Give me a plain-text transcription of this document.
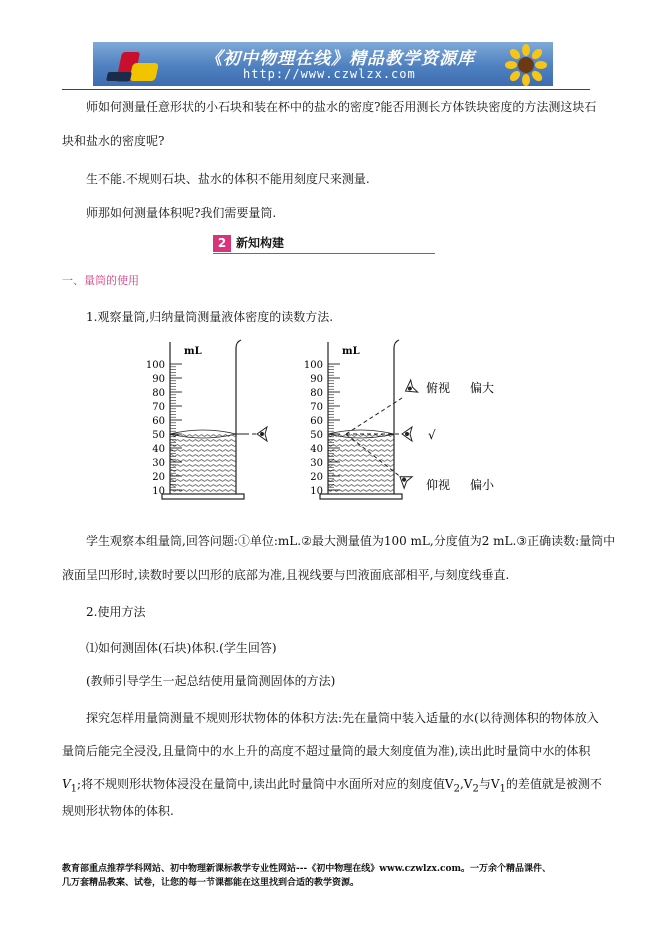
《初中物理在线》精品教学资源库
http://www.czwlzx.com
师如何测量任意形状的小石块和装在杯中的盐水的密度?能否用测长方体铁块密度的方法测这块石
块和盐水的密度呢?
生不能.不规则石块、盐水的体积不能用刻度尺来测量.
师那如何测量体积呢?我们需要量筒.
2 新知构建
一、量筒的使用
1.观察量筒,归纳量筒测量液体密度的读数方法.
mL
100
90
80
70
60
50
40
30
20
10
mL
100
90
80
70
60
50
40
30
20
10
俯视 偏大
√
仰视 偏小
学生观察本组量筒,回答问题:①单位:mL.②最大测量值为100 mL,分度值为2 mL.③正确读数:量筒中
液面呈凹形时,读数时要以凹形的底部为准,且视线要与凹液面底部相平,与刻度线垂直.
2.使用方法
⑴如何测固体(石块)体积.(学生回答)
(教师引导学生一起总结使用量筒测固体的方法)
探究怎样用量筒测量不规则形状物体的体积方法:先在量筒中装入适量的水(以待测体积的物体放入
量筒后能完全浸没,且量筒中的水上升的高度不超过量筒的最大刻度值为准),读出此时量筒中水的体积
$V_1$;将不规则形状物体浸没在量筒中,读出此时量筒中水面所对应的刻度值$V_2,V_2$与$V_1$的差值就是被测不
规则形状物体的体积.
教育部重点推荐学科网站、初中物理新课标教学专业性网站---《初中物理在线》www.czwlzx.com。一万余个精品课件、
几万套精品教案、试卷，让您的每一节课都能在这里找到合适的教学资源。
